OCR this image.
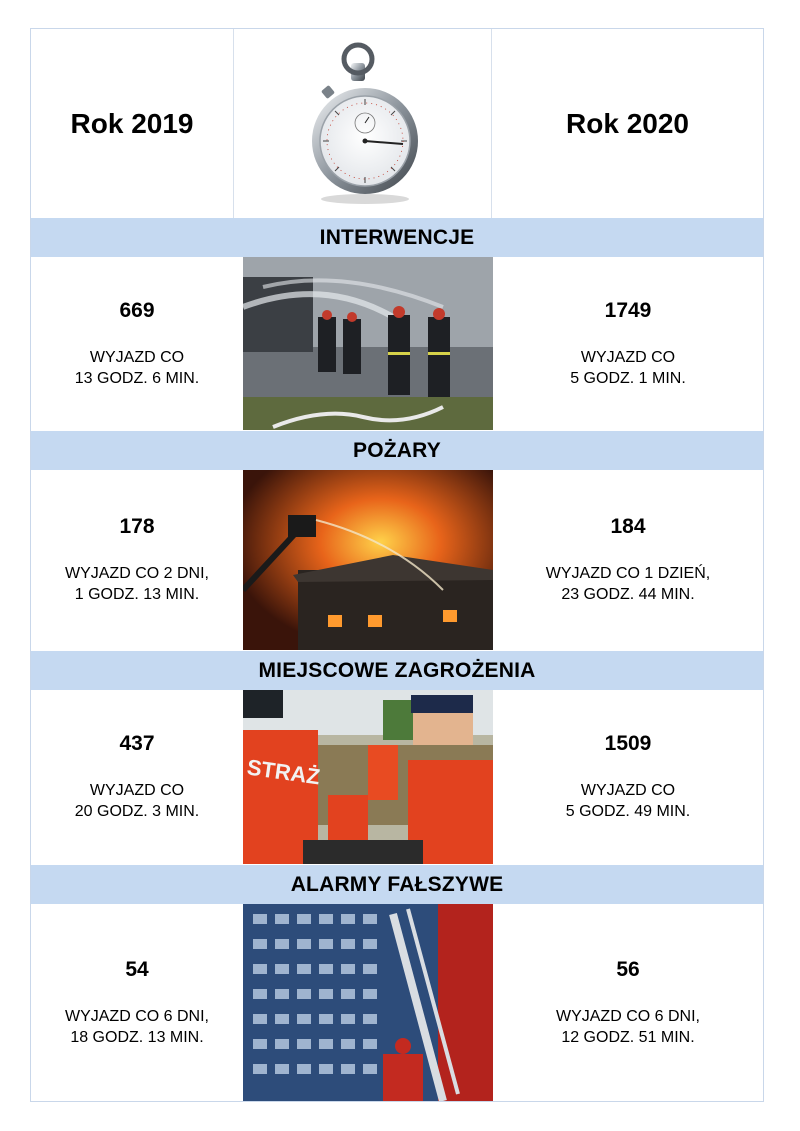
Rok 2019	Rok 2020
INTERWENCJE
669
WYJAZD CO
13 GODZ. 6 MIN.
1749
WYJAZD CO
5 GODZ. 1 MIN.
POŻARY
178
WYJAZD CO 2 DNI,
1 GODZ. 13 MIN.
184
WYJAZD CO 1 DZIEŃ,
23 GODZ. 44 MIN.
MIEJSCOWE ZAGROŻENIA
437
WYJAZD CO
20 GODZ. 3 MIN.
STRAŻ
1509
WYJAZD CO
5 GODZ. 49 MIN.
ALARMY FAŁSZYWE
54
WYJAZD CO 6 DNI,
18 GODZ. 13 MIN.
56
WYJAZD CO 6 DNI,
12 GODZ. 51 MIN.
